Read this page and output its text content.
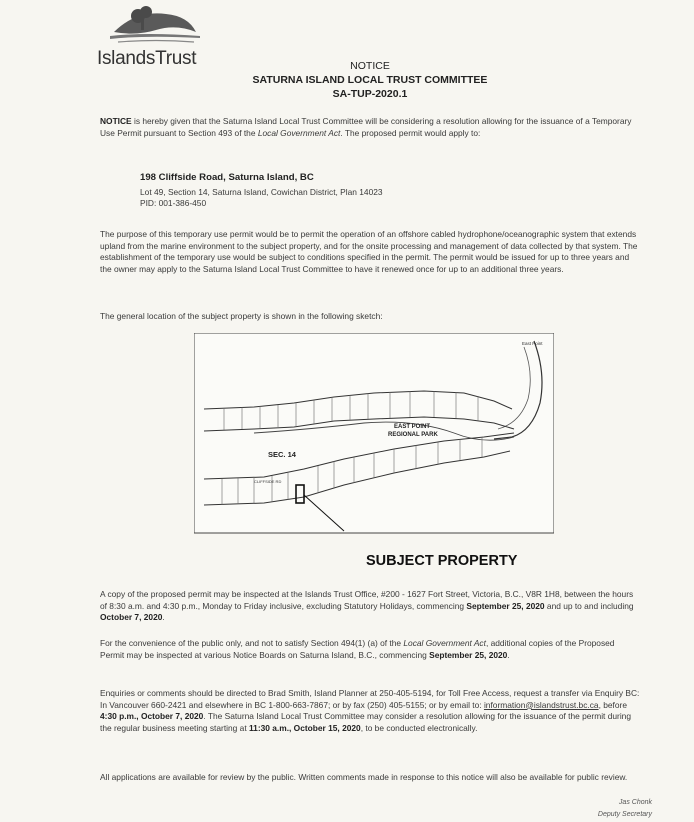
IslandsTrust	NOTICE
SATURNA ISLAND LOCAL TRUST COMMITTEE
SA-TUP-2020.1
NOTICE is hereby given that the Saturna Island Local Trust Committee will be considering a resolution allowing for the issuance of a Temporary Use Permit pursuant to Section 493 of the Local Government Act. The proposed permit would apply to:
198 Cliffside Road, Saturna Island, BC
Lot 49, Section 14, Saturna Island, Cowichan District, Plan 14023
PID: 001-386-450
The purpose of this temporary use permit would be to permit the operation of an offshore cabled hydrophone/oceanographic system that extends upland from the marine environment to the subject property, and for the onsite processing and management of data collected by that system. The establishment of the temporary use would be subject to conditions specified in the permit. The permit would be issued for up to three years and the owner may apply to the Saturna Island Local Trust Committee to have it renewed once for up to an additional three years.
The general location of the subject property is shown in the following sketch:
East Point
EAST POINT
REGIONAL PARK
SEC. 14
CLIFFSIDE RD
SUBJECT PROPERTY
A copy of the proposed permit may be inspected at the Islands Trust Office, #200 - 1627 Fort Street, Victoria, B.C., V8R 1H8, between the hours of 8:30 a.m. and 4:30 p.m., Monday to Friday inclusive, excluding Statutory Holidays, commencing September 25, 2020 and up to and including October 7, 2020.
For the convenience of the public only, and not to satisfy Section 494(1) (a) of the Local Government Act, additional copies of the Proposed Permit may be inspected at various Notice Boards on Saturna Island, B.C., commencing September 25, 2020.
Enquiries or comments should be directed to Brad Smith, Island Planner at 250-405-5194, for Toll Free Access, request a transfer via Enquiry BC: In Vancouver 660-2421 and elsewhere in BC 1-800-663-7867; or by fax (250) 405-5155; or by email to: information@islandstrust.bc.ca, before 4:30 p.m., October 7, 2020. The Saturna Island Local Trust Committee may consider a resolution allowing for the issuance of the permit during the regular business meeting starting at 11:30 a.m., October 15, 2020, to be conducted electronically.
All applications are available for review by the public. Written comments made in response to this notice will also be available for public review.
Jas Chonk
Deputy Secretary
